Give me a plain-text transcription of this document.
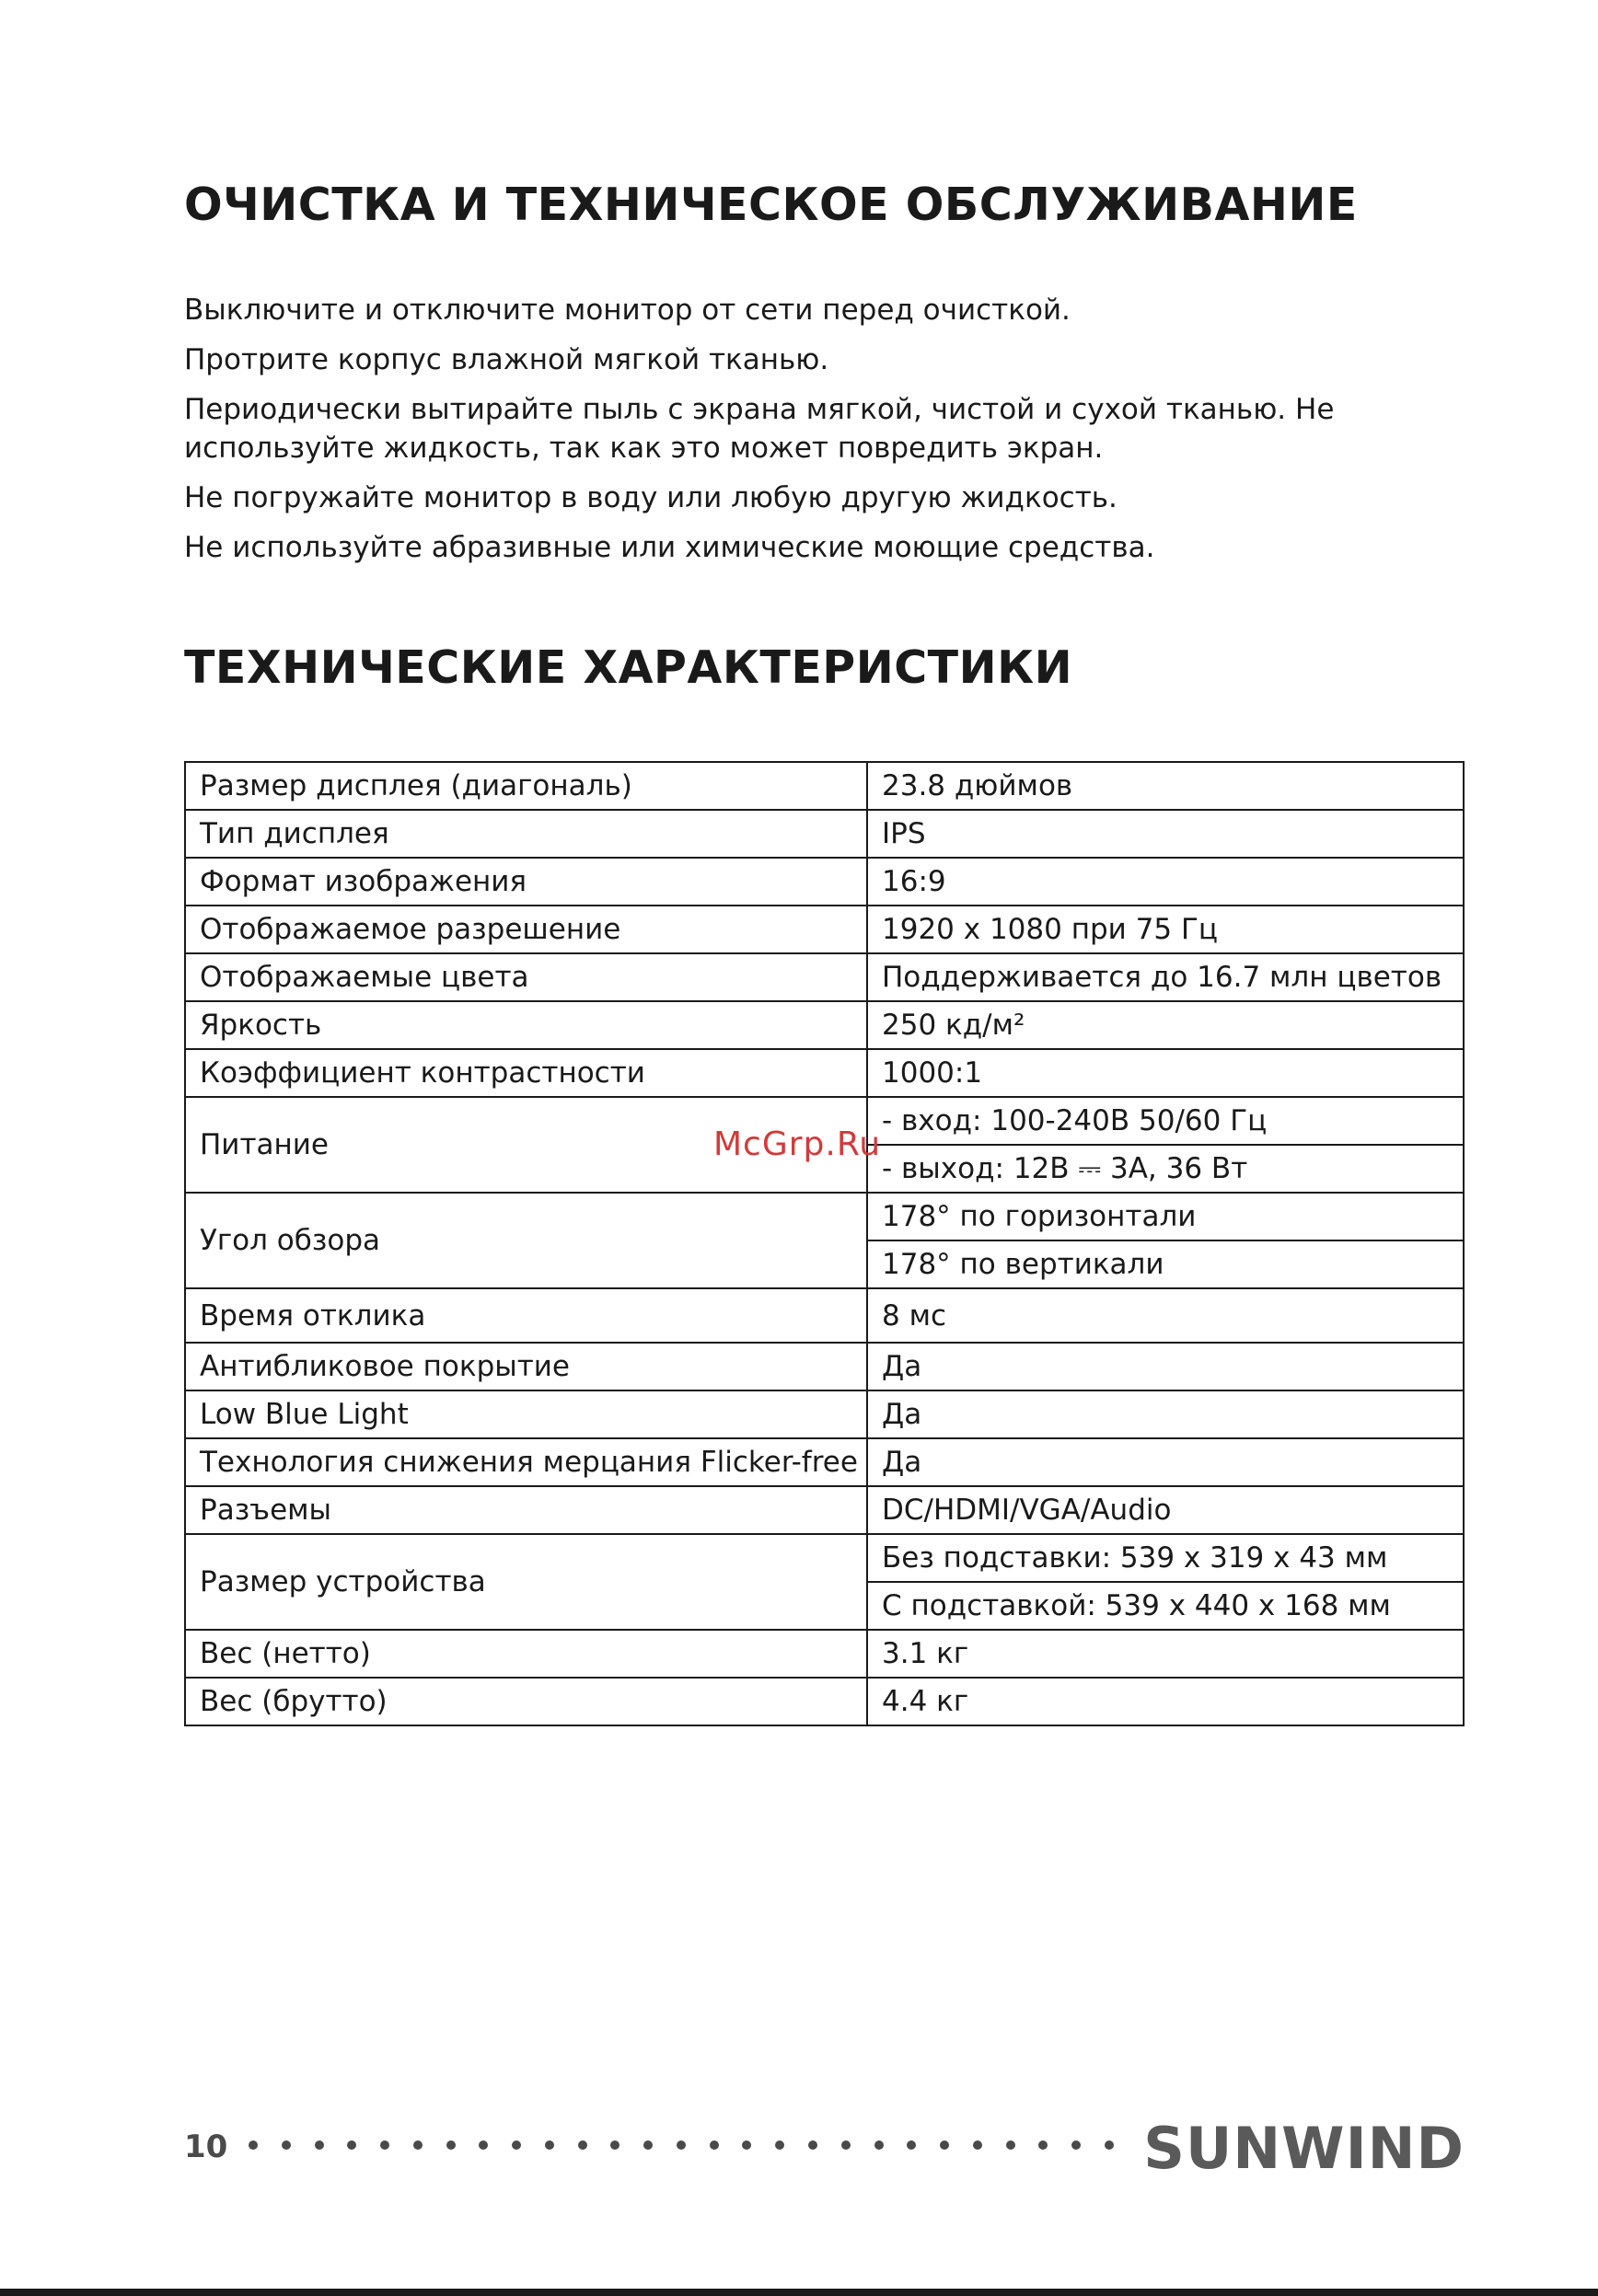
ОЧИСТКА И ТЕХНИЧЕСКОЕ ОБСЛУЖИВАНИЕ

Выключите и отключите монитор от сети перед очисткой.

Протрите корпус влажной мягкой тканью.

Периодически вытирайте пыль с экрана мягкой, чистой и сухой тканью. Не используйте жидкость, так как это может повредить экран.

Не погружайте монитор в воду или любую другую жидкость.

Не используйте абразивные или химические моющие средства.

ТЕХНИЧЕСКИЕ ХАРАКТЕРИСТИКИ
Размер дисплея (диагональ)	23.8 дюймов
Тип дисплея	IPS
Формат изображения	16:9
Отображаемое разрешение	1920 x 1080 при 75 Гц
Отображаемые цвета	Поддерживается до 16.7 млн цветов
Яркость	250 кд/м²
Коэффициент контрастности	1000:1
Питание	- вход: 100-240В 50/60 Гц
	- выход: 12В ⎓ 3А, 36 Вт
Угол обзора	178° по горизонтали
	178° по вертикали
Время отклика	8 мс
Антибликовое покрытие	Да
Low Blue Light	Да
Технология снижения мерцания Flicker-free	Да
Разъемы	DC/HDMI/VGA/Audio
Размер устройства	Без подставки: 539 x 319 x 43 мм
	С подставкой: 539 x 440 x 168 мм
Вес (нетто)	3.1 кг
Вес (брутто)	4.4 кг
McGrp.Ru
10	SUNWIND
